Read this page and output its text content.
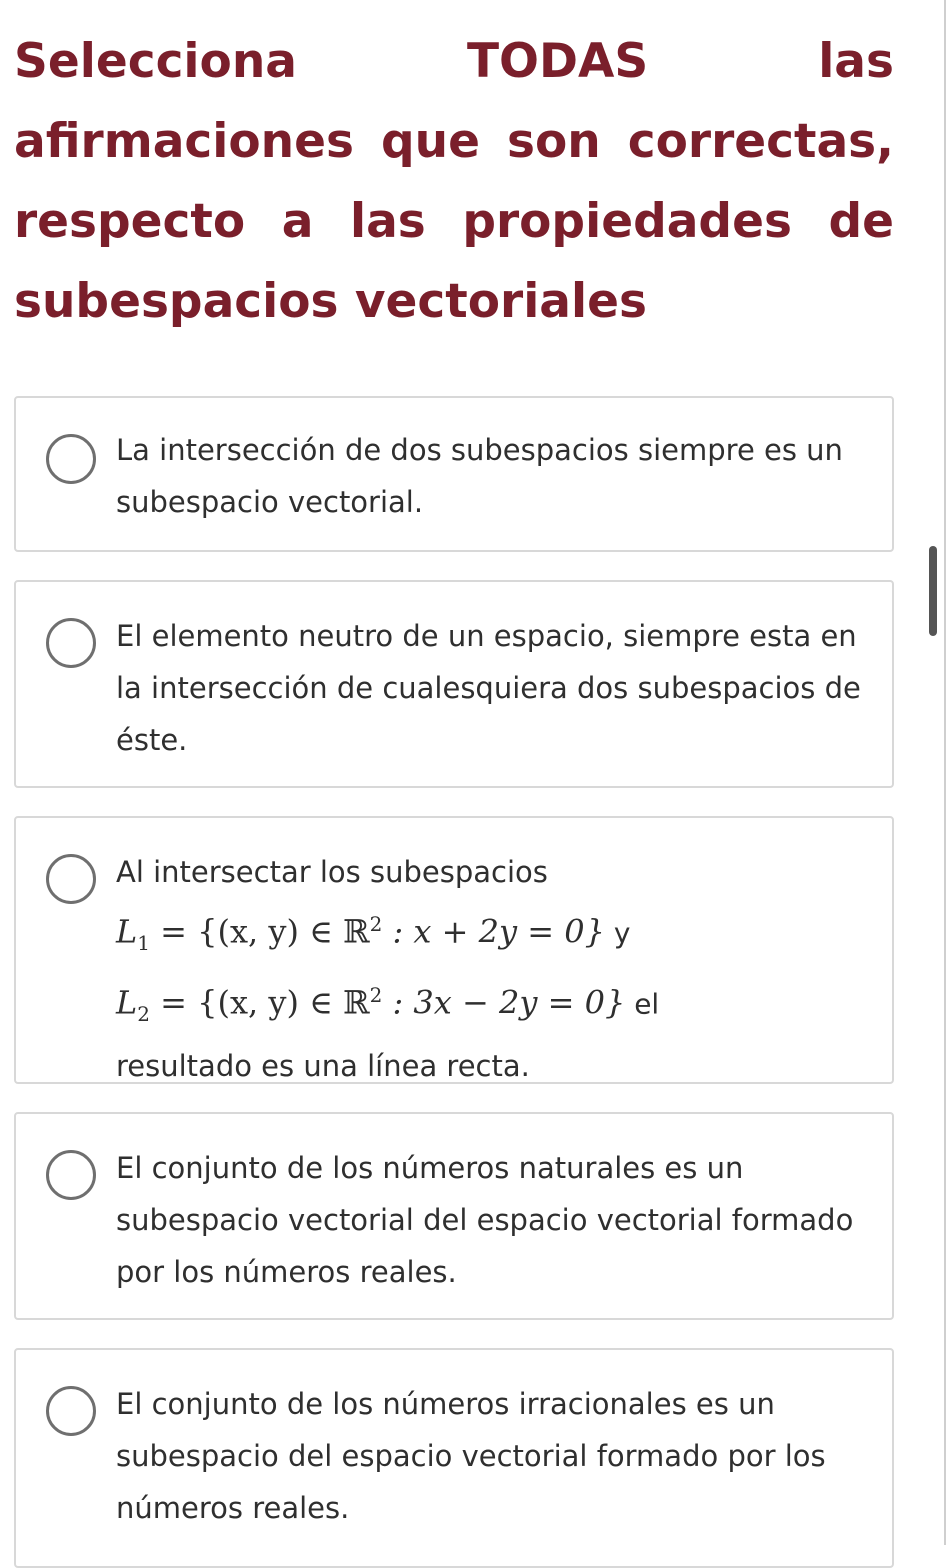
Selecciona TODAS las afirmaciones que son correctas, respecto a las propiedades de subespacios vectoriales

La intersección de dos subespacios siempre es un subespacio vectorial.

El elemento neutro de un espacio, siempre esta en la intersección de cualesquiera dos subespacios de éste.

Al intersectar los subespacios
$L_1 = \{(x$, y) ∈ ℝ$^2$ : x + 2y = 0} y
$L_2 = \{(x$, y) ∈ ℝ$^2$ : 3x − 2y = 0} el
resultado es una línea recta.

El conjunto de los números naturales es un subespacio vectorial del espacio vectorial formado por los números reales.

El conjunto de los números irracionales es un subespacio del espacio vectorial formado por los números reales.
